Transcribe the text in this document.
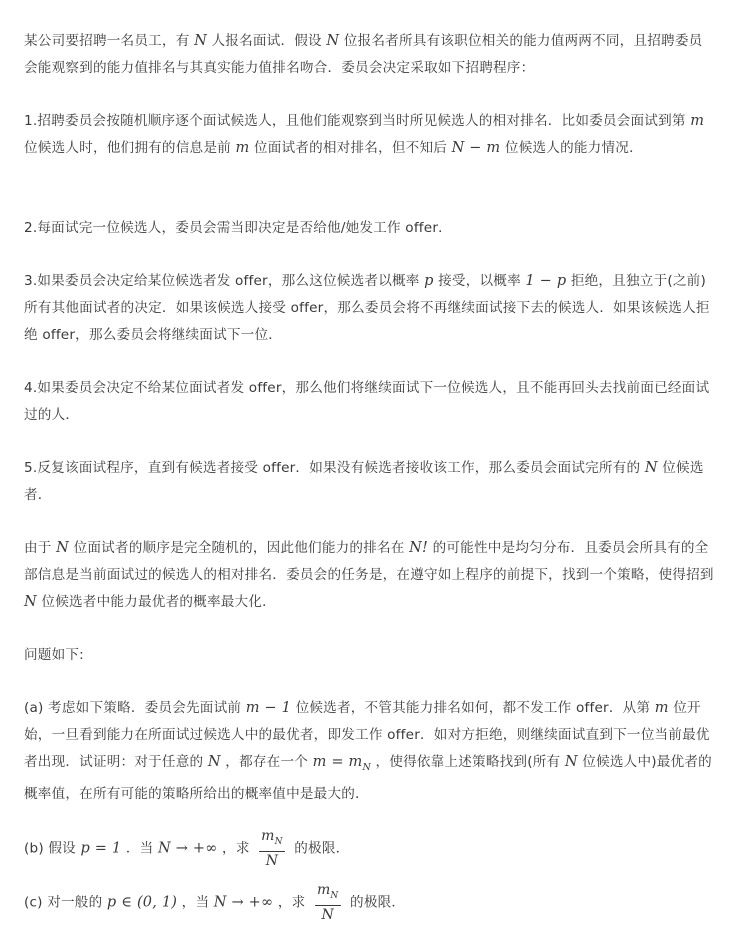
某公司要招聘一名员工，有 N 人报名面试．假设 N 位报名者所具有该职位相关的能力值两两不同，且招聘委员会能观察到的能力值排名与其真实能力值排名吻合．委员会决定采取如下招聘程序：
1.招聘委员会按随机顺序逐个面试候选人，且他们能观察到当时所见候选人的相对排名．比如委员会面试到第 m 位候选人时，他们拥有的信息是前 m 位面试者的相对排名，但不知后 N − m 位候选人的能力情况．
2.每面试完一位候选人，委员会需当即决定是否给他/她发工作 offer．
3.如果委员会决定给某位候选者发 offer，那么这位候选者以概率 p 接受，以概率 1 − p 拒绝，且独立于(之前)所有其他面试者的决定．如果该候选人接受 offer，那么委员会将不再继续面试接下去的候选人．如果该候选人拒绝 offer，那么委员会将继续面试下一位．
4.如果委员会决定不给某位面试者发 offer，那么他们将继续面试下一位候选人，且不能再回头去找前面已经面试过的人．
5.反复该面试程序，直到有候选者接受 offer．如果没有候选者接收该工作，那么委员会面试完所有的 N 位候选者．
由于 N 位面试者的顺序是完全随机的，因此他们能力的排名在 N! 的可能性中是均匀分布．且委员会所具有的全部信息是当前面试过的候选人的相对排名．委员会的任务是，在遵守如上程序的前提下，找到一个策略，使得招到 N 位候选者中能力最优者的概率最大化．
问题如下:
(a) 考虑如下策略．委员会先面试前 m − 1 位候选者，不管其能力排名如何，都不发工作 offer．从第 m 位开始，一旦看到能力在所面试过候选人中的最优者，即发工作 offer．如对方拒绝，则继续面试直到下一位当前最优者出现．试证明：对于任意的 N ，都存在一个 $m = m_N$ ，使得依靠上述策略找到(所有 N 位候选人中)最优者的概率值，在所有可能的策略所给出的概率值中是最大的．
(b) 假设 p = 1 ．当 N → +∞ ，求 $\frac{m_N}{N}$ 的极限．
(c) 对一般的 p ∈ (0, 1) ，当 N → +∞ ，求 $\frac{m_N}{N}$ 的极限．
